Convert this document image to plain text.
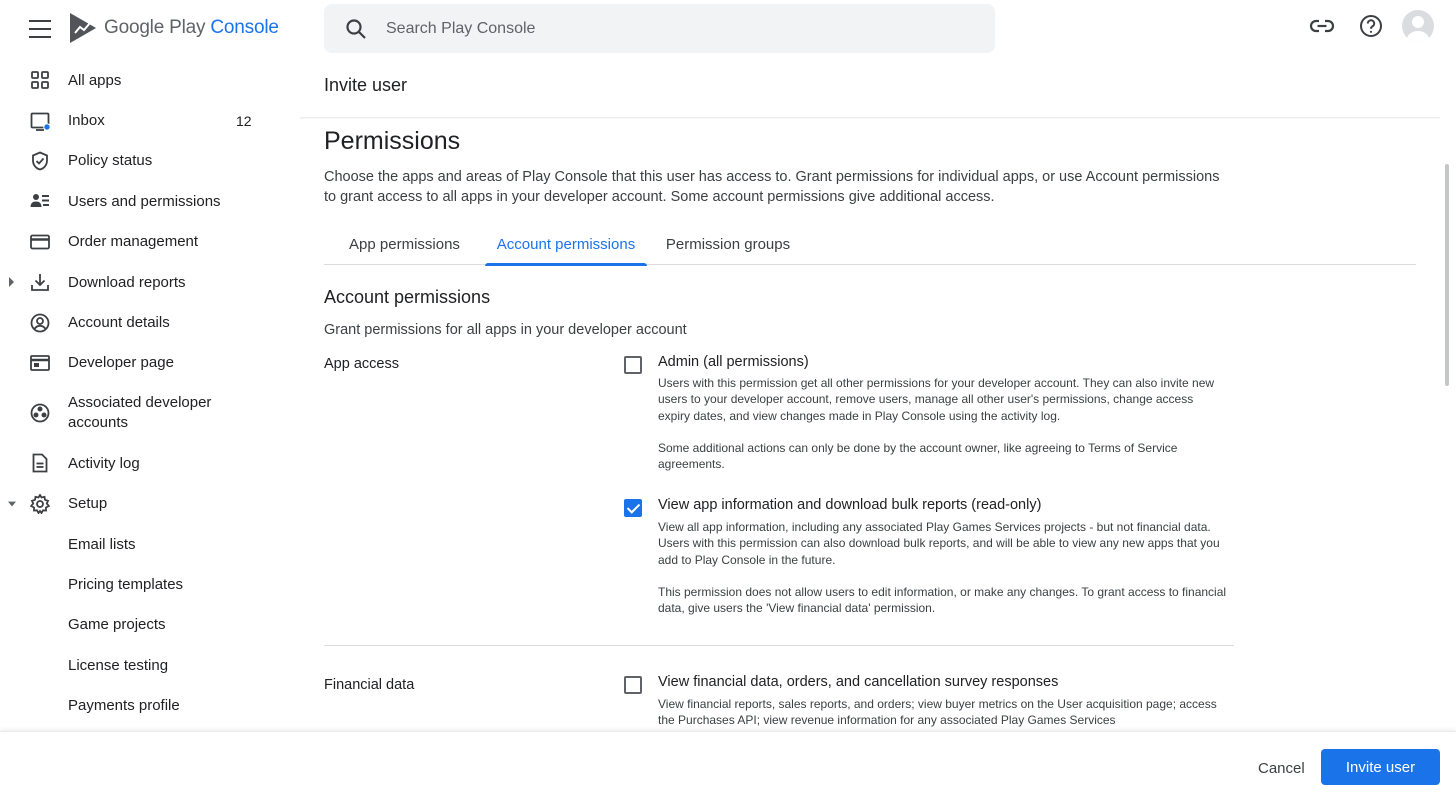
Google Play Console
All apps
Inbox	12
Policy status
Users and permissions
Order management
Download reports
Account details
Developer page
Associated developer accounts
Activity log
Setup
Email lists
Pricing templates
Game projects
License testing
Payments profile
Search Play Console
Invite user
Permissions
Choose the apps and areas of Play Console that this user has access to. Grant permissions for individual apps, or use Account permissions to grant access to all apps in your developer account. Some account permissions give additional access.
App permissions	Account permissions	Permission groups
Account permissions
Grant permissions for all apps in your developer account
App access	Admin (all permissions)
Users with this permission get all other permissions for your developer account. They can also invite new users to your developer account, remove users, manage all other user's permissions, change access expiry dates, and view changes made in Play Console using the activity log.
Some additional actions can only be done by the account owner, like agreeing to Terms of Service agreements.
View app information and download bulk reports (read-only)
View all app information, including any associated Play Games Services projects - but not financial data. Users with this permission can also download bulk reports, and will be able to view any new apps that you add to Play Console in the future.
This permission does not allow users to edit information, or make any changes. To grant access to financial data, give users the 'View financial data' permission.
Financial data	View financial data, orders, and cancellation survey responses
View financial reports, sales reports, and orders; view buyer metrics on the User acquisition page; access the Purchases API; view revenue information for any associated Play Games Services
Cancel	Invite user
